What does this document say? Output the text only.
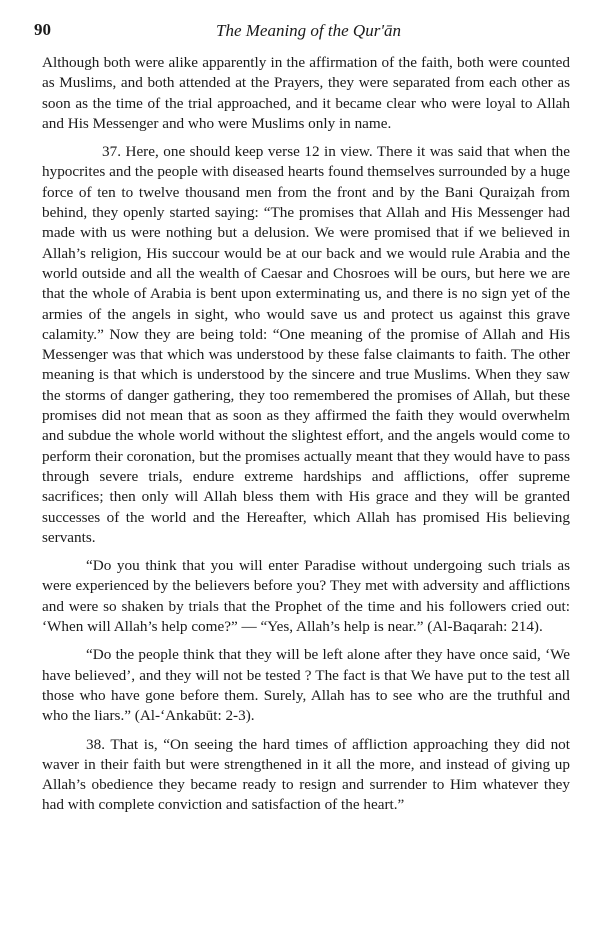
90	The Meaning of the Qur'ān

Although both were alike apparently in the affirmation of the faith, both were counted as Muslims, and both attended at the Prayers, they were separated from each other as soon as the time of the trial approached, and it became clear who were loyal to Allah and His Messenger and who were Muslims only in name.

37. Here, one should keep verse 12 in view. There it was said that when the hypocrites and the people with diseased hearts found themselves surrounded by a huge force of ten to twelve thousand men from the front and by the Bani Quraiẓah from behind, they openly started saying: “The promises that Allah and His Messenger had made with us were nothing but a delusion. We were promised that if we believed in Allah’s religion, His succour would be at our back and we would rule Arabia and the world outside and all the wealth of Caesar and Chosroes will be ours, but here we are that the whole of Arabia is bent upon exterminating us, and there is no sign yet of the armies of the angels in sight, who would save us and protect us against this grave calamity.” Now they are being told: “One meaning of the promise of Allah and His Messenger was that which was understood by these false claimants to faith. The other meaning is that which is understood by the sincere and true Muslims. When they saw the storms of danger gathering, they too remembered the promises of Allah, but these promises did not mean that as soon as they affirmed the faith they would overwhelm and subdue the whole world without the slightest effort, and the angels would come to perform their coronation, but the promises actually meant that they would have to pass through severe trials, endure extreme hardships and afflictions, offer supreme sacrifices; then only will Allah bless them with His grace and they will be granted successes of the world and the Hereafter, which Allah has promised His believing servants.

“Do you think that you will enter Paradise without undergoing such trials as were experienced by the believers before you? They met with adversity and afflictions and were so shaken by trials that the Prophet of the time and his followers cried out: ‘When will Allah’s help come?” — “Yes, Allah’s help is near.” (Al-Baqarah: 214).

“Do the people think that they will be left alone after they have once said, ‘We have believed’, and they will not be tested ? The fact is that We have put to the test all those who have gone before them. Surely, Allah has to see who are the truthful and who the liars.” (Al-‘Ankabūt: 2-3).

38. That is, “On seeing the hard times of affliction approaching they did not waver in their faith but were strengthened in it all the more, and instead of giving up Allah’s obedience they became ready to resign and surrender to Him whatever they had with complete conviction and satisfaction of the heart.”
